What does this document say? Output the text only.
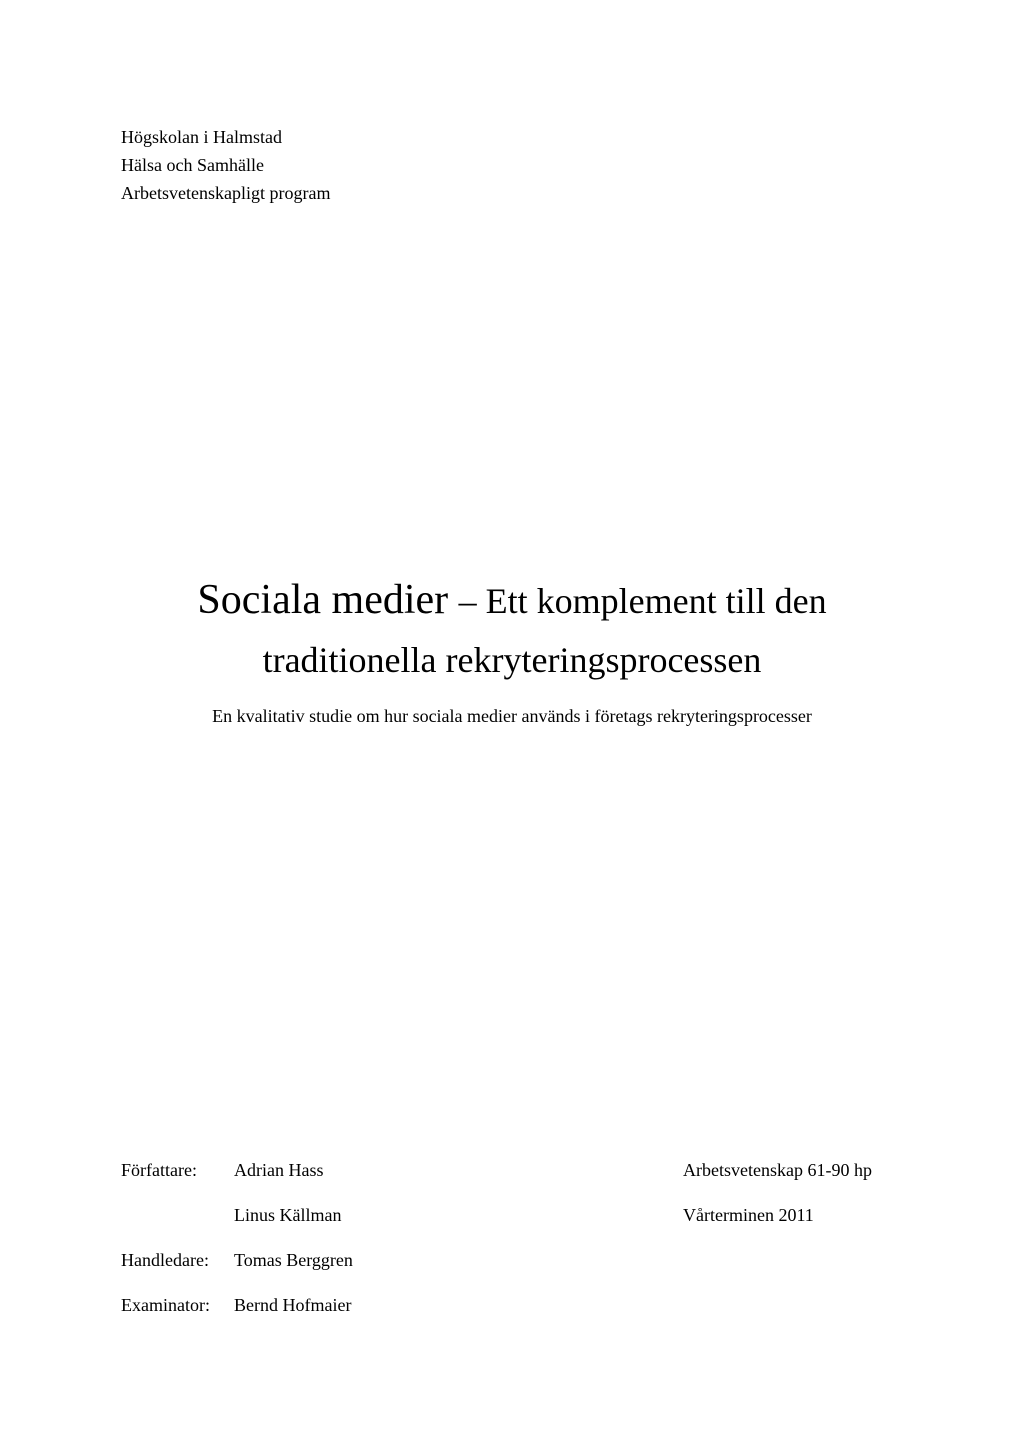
Högskolan i Halmstad
Hälsa och Samhälle
Arbetsvetenskapligt program
Sociala medier – Ett komplement till den
traditionella rekryteringsprocessen
En kvalitativ studie om hur sociala medier används i företags rekryteringsprocesser
Författare: Adrian Hass	Arbetsvetenskap 61-90 hp
Linus Källman	Vårterminen 2011
Handledare: Tomas Berggren
Examinator: Bernd Hofmaier
